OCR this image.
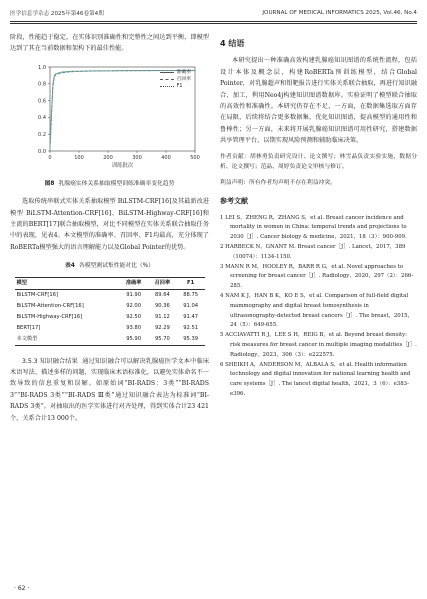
医学信息学杂志 2025年第46卷第4期	JOURNAL OF MEDICAL INFORMATICS 2025, Vol.46, No.4

阶段，性能趋于稳定，在实体识别准确性和完整性之间达到平衡，即模型达到了其在当前数据和架构下的最佳性能。

0.0
0.2
0.4
0.6
0.8
1.0
0	100	200	300	400	500
训练批次
准确率
召回率
F1
图8 乳腺癌实体关系抽取模型训练准确率变化趋势

选取传统串联式实体关系抽取模型 BiLSTM-CRF[16]及其最新改进模型 BiLSTM-Attention-CRF[16]、BiLSTM-Highway-CRF[16]和主流的BERT[17]联合抽取模型，对比不同模型在实体关系联合抽取任务中的表现，见表4。本文模型的准确率、召回率、F1均最高，充分体现了RoBERTa模型强大的语言理解能力以及Global Pointer的优势。

表4 各模型测试集性能对比（%）
模型	准确率	召回率	F1
BiLSTM-CRF[16]	91.90	89.64	88.75
BiLSTM-Attention-CRF[16]	92.00	90.36	91.04
BiLSTM-Highway-CRF[16]	92.50	91.12	91.47
BERT[17]	93.80	92.29	92.51
本文模型	95.90	95.70	95.39

3.5.3 知识融合结果 通过知识融合可以解决乳腺癌医学文本中临床术语写法、描述多样的问题，实现临床术语标准化，以避免实体命名不一致导致的信息重复和误解。如原始词“BI-RADS：3类”“BI-RADS 3”“BI-RADS 3类”“BI-RADS Ⅲ类”通过知识融合表达为标准词“BI-RADS 3类”。对抽取出的医学实体进行对齐处理，得到实体合计23 421个，关系合计13 000个。

· 62 ·
4 结语

本研究提出一种准确高效构建乳腺癌知识图谱的系统性流程，包括设计本体及概念层，构建RoBERTa预训练模型，结合Global Pointer，对乳腺超声和钼靶报告进行实体关系联合抽取，再进行知识融合、加工，利用Neo4j构建知识图谱数据库。实验证明了模型联合抽取的高效性和准确性。本研究仍存在不足，一方面，在数据集选取方面存在局限，后续将结合更多数据集，优化知识图谱，提高模型的通用性和鲁棒性；另一方面，未来将开展乳腺癌知识图谱可用性研究，搭建数据共享管理平台，以期实现风险预测和辅助临床决策。

作者贡献：胡林勇负责研究设计、论文撰写；林雪晶负责实验实施、数据分析、论文撰写；范晶、周婷负责论文审核与修订。
利益声明：所有作者均声明不存在利益冲突。
参考文献
1 LEI S，ZHENG R，ZHANG S，et al. Breast cancer incidence and mortality in women in China: temporal trends and projections to 2030［J］. Cancer biology & medicine，2021，18（3）：900-909.
2 HARBECK N，GNANT M. Breast cancer［J］. Lancet，2017，389（10074）：1134-1150.
3 MANN R M，HOOLEY R，BARR R G，et al. Novel approaches to screening for breast cancer［J］. Radiology，2020，297（2）：266-285.
4 NAM K J，HAN B K，KO E S，et al. Comparison of full-field digital mammography and digital breast tomosynthesis in ultrasonography-detected breast cancers［J］. The breast，2015，24（5）：649-655.
5 ACCIAVATTI R J，LEE S H，REIG B，et al. Beyond breast density: risk measures for breast cancer in multiple imaging modalities［J］. Radiology，2023，306（3）：e222575.
6 SHEIKH A，ANDERSON M，ALBALA S，et al. Health information technology and digital innovation for national learning health and care systems［J］. The lancet digital health，2021，3（6）：e383-e396.
